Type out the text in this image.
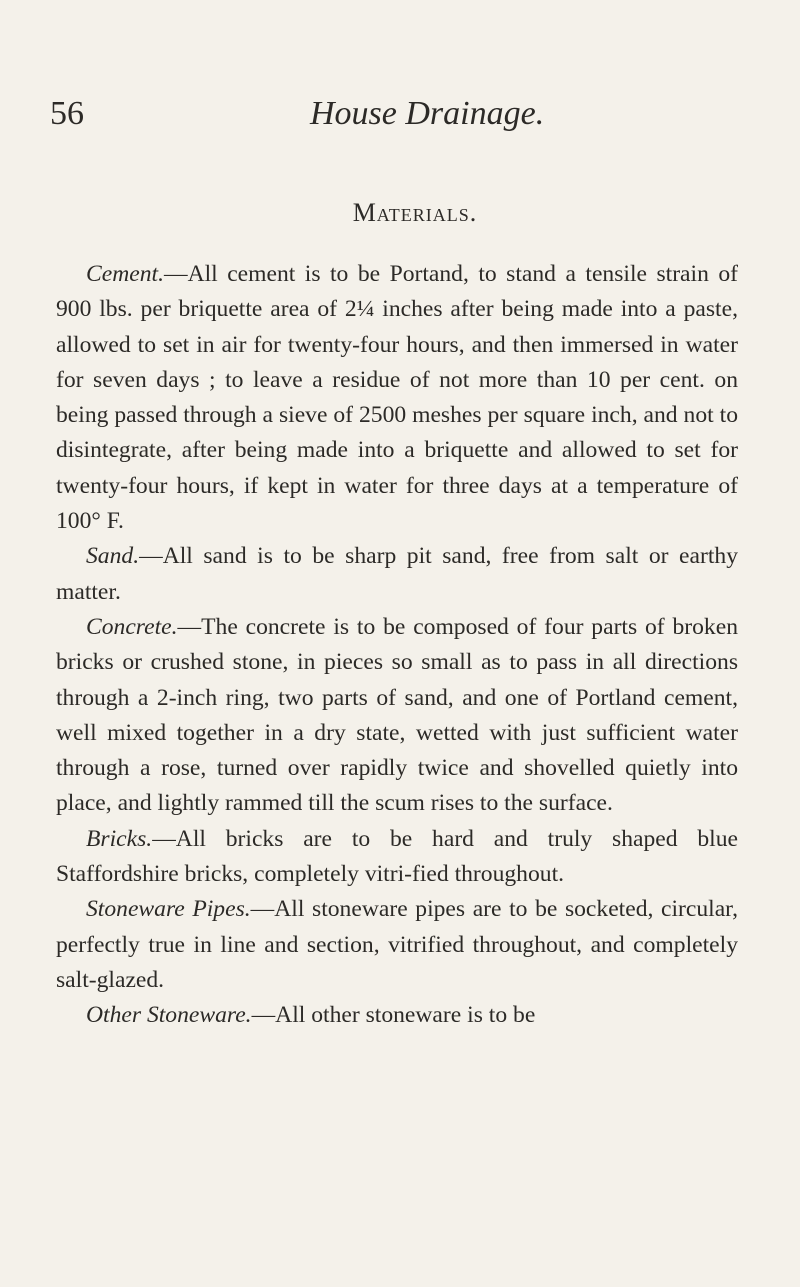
56	House Drainage.
Materials.

Cement.—All cement is to be Portand, to stand a tensile strain of 900 lbs. per briquette area of 2¼ inches after being made into a paste, allowed to set in air for twenty-four hours, and then immersed in water for seven days ; to leave a residue of not more than 10 per cent. on being passed through a sieve of 2500 meshes per square inch, and not to disintegrate, after being made into a briquette and allowed to set for twenty-four hours, if kept in water for three days at a temperature of 100° F.

Sand.—All sand is to be sharp pit sand, free from salt or earthy matter.

Concrete.—The concrete is to be composed of four parts of broken bricks or crushed stone, in pieces so small as to pass in all directions through a 2-inch ring, two parts of sand, and one of Portland cement, well mixed together in a dry state, wetted with just sufficient water through a rose, turned over rapidly twice and shovelled quietly into place, and lightly rammed till the scum rises to the surface.

Bricks.—All bricks are to be hard and truly shaped blue Staffordshire bricks, completely vitri-fied throughout.

Stoneware Pipes.—All stoneware pipes are to be socketed, circular, perfectly true in line and section, vitrified throughout, and completely salt-glazed.

Other Stoneware.—All other stoneware is to be
